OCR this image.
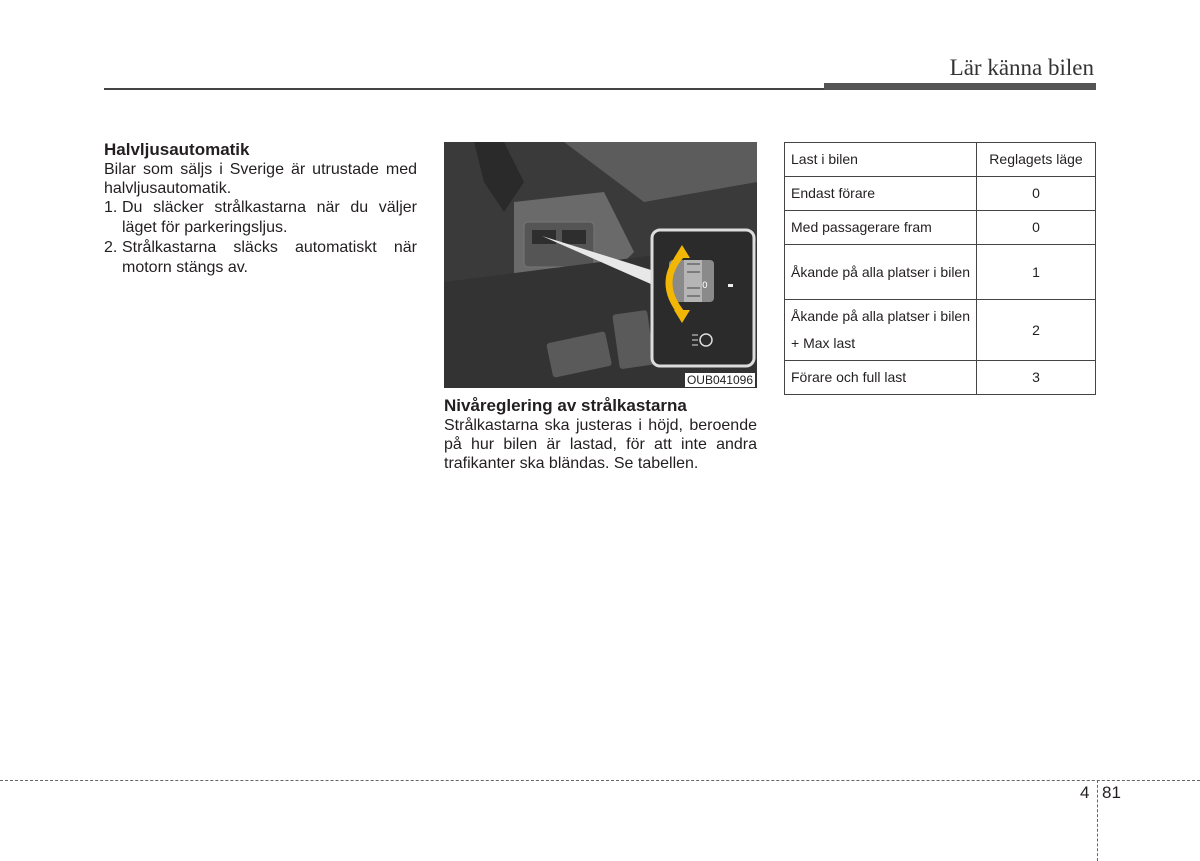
Lär känna bilen
Halvljusautomatik

Bilar som säljs i Sverige är utrustade med halvljusautomatik.

1. Du släcker strålkastarna när du väljer läget för parkeringsljus.
2. Strålkastarna släcks automatiskt när motorn stängs av.
0
OUB041096
Nivåreglering av strålkastarna

Strålkastarna ska justeras i höjd, beroende på hur bilen är lastad, för att inte andra trafikanter ska bländas. Se tabellen.

Last i bilen	Reglagets läge
Endast förare	0
Med passagerare fram	0
Åkande på alla platser i bilen	1
Åkande på alla platser i bilen + Max last	2
Förare och full last	3
4 81
